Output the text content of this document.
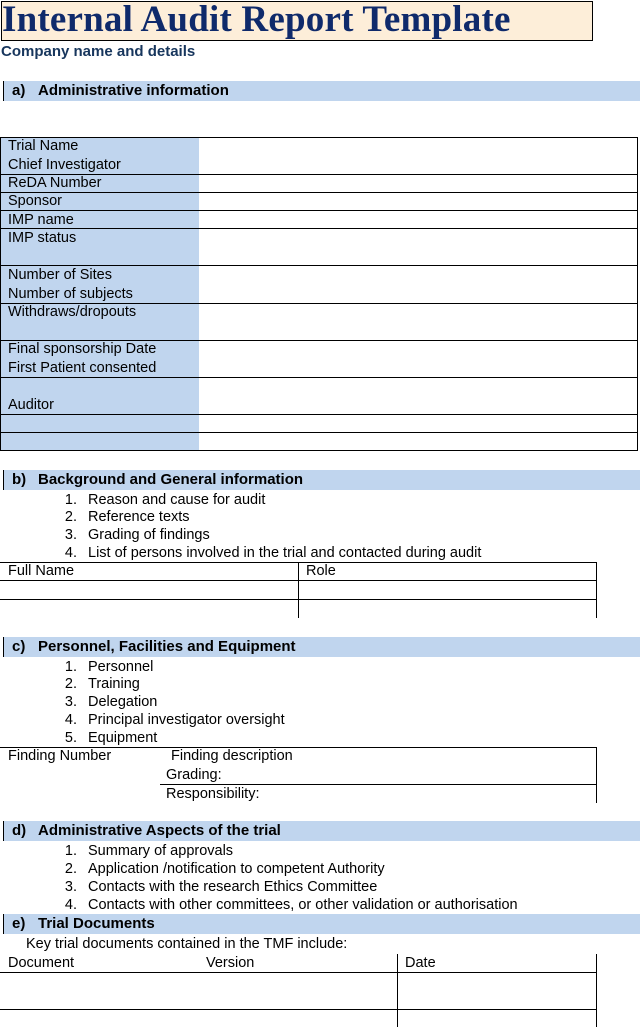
Internal Audit Report Template
Company name and details
a) Administrative information
Trial Name
Chief Investigator
ReDA Number
Sponsor
IMP name
IMP status
Number of Sites
Number of subjects
Withdraws/dropouts
Final sponsorship Date
First Patient consented
Auditor
b) Background and General information
1. Reason and cause for audit
2. Reference texts
3. Grading of findings
4. List of persons involved in the trial and contacted during audit
Full Name	Role
c) Personnel, Facilities and Equipment
1. Personnel
2. Training
3. Delegation
4. Principal investigator oversight
5. Equipment
Finding Number	Finding description
Grading:
Responsibility:
d) Administrative Aspects of the trial
1. Summary of approvals
2. Application /notification to competent Authority
3. Contacts with the research Ethics Committee
4. Contacts with other committees, or other validation or authorisation
e) Trial Documents
Key trial documents contained in the TMF include:
Document	Version	Date
